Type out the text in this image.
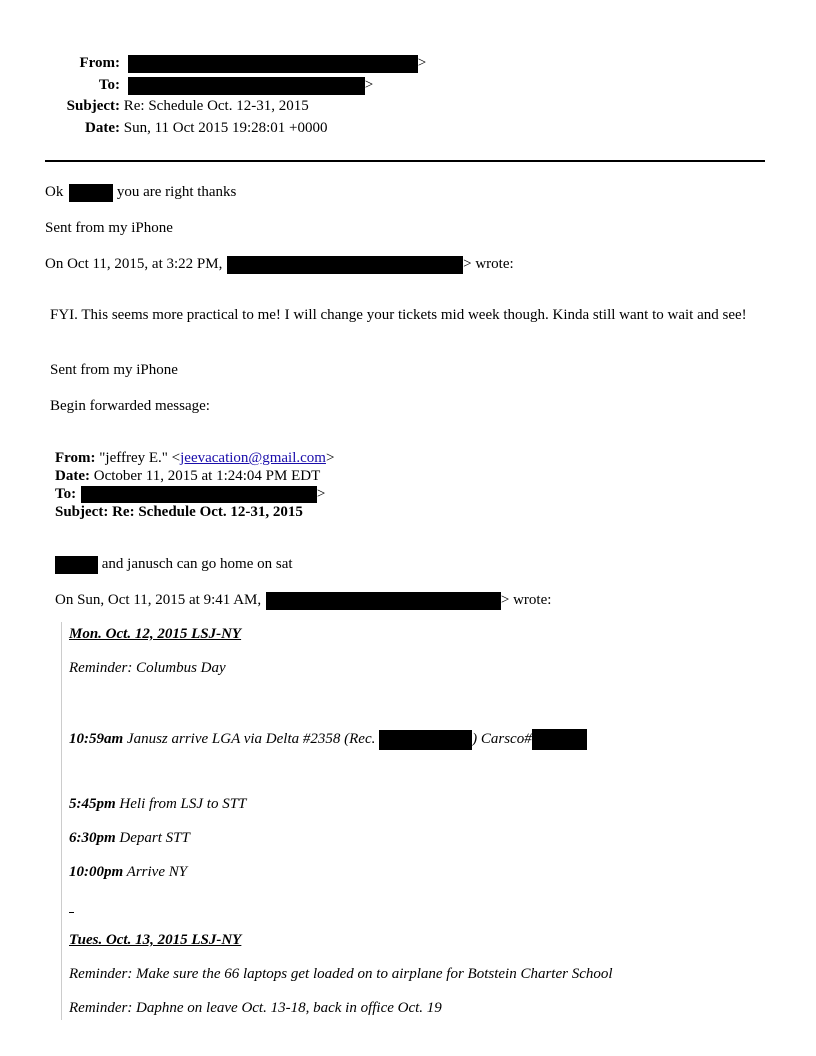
From:	>
To:	>
Subject: Re: Schedule Oct. 12-31, 2015
Date: Sun, 11 Oct 2015 19:28:01 +0000
Ok	you are right thanks
Sent from my iPhone
On Oct 11, 2015, at 3:22 PM,	> wrote:
FYI. This seems more practical to me! I will change your tickets mid week though. Kinda still want to wait and see!
Sent from my iPhone
Begin forwarded message:
From: "jeffrey E." <jeevacation@gmail.com>
Date: October 11, 2015 at 1:24:04 PM EDT
To:	>
Subject: Re: Schedule Oct. 12-31, 2015
and janusch can go home on sat
On Sun, Oct 11, 2015 at 9:41 AM,	> wrote:
Mon. Oct. 12, 2015 LSJ-NY
Reminder: Columbus Day
10:59am Janusz arrive LGA via Delta #2358 (Rec.	) Carsco#
5:45pm Heli from LSJ to STT
6:30pm Depart STT
10:00pm Arrive NY
Tues. Oct. 13, 2015 LSJ-NY
Reminder: Make sure the 66 laptops get loaded on to airplane for Botstein Charter School
Reminder: Daphne on leave Oct. 13-18, back in office Oct. 19
